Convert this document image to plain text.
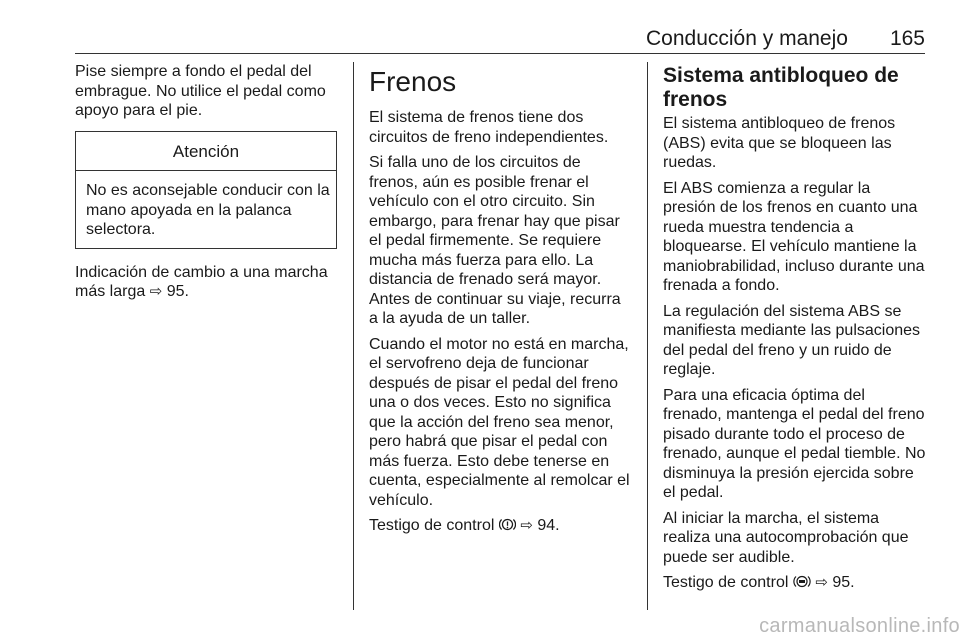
Conducción y manejo 165

Pise siempre a fondo el pedal del embrague. No utilice el pedal como apoyo para el pie.

Atención
No es aconsejable conducir con la mano apoyada en la palanca selectora.

Indicación de cambio a una marcha más larga ⇨ 95.

Frenos

El sistema de frenos tiene dos circuitos de freno independientes.

Si falla uno de los circuitos de frenos, aún es posible frenar el vehículo con el otro circuito. Sin embargo, para frenar hay que pisar el pedal firmemente. Se requiere mucha más fuerza para ello. La distancia de frenado será mayor. Antes de continuar su viaje, recurra a la ayuda de un taller.

Cuando el motor no está en marcha, el servofreno deja de funcionar después de pisar el pedal del freno una o dos veces. Esto no significa que la acción del freno sea menor, pero habrá que pisar el pedal con más fuerza. Esto debe tenerse en cuenta, especialmente al remolcar el vehículo.

Testigo de control ⇨ 94.

Sistema antibloqueo de frenos

El sistema antibloqueo de frenos (ABS) evita que se bloqueen las ruedas.

El ABS comienza a regular la presión de los frenos en cuanto una rueda muestra tendencia a bloquearse. El vehículo mantiene la maniobrabilidad, incluso durante una frenada a fondo.

La regulación del sistema ABS se manifiesta mediante las pulsaciones del pedal del freno y un ruido de reglaje.

Para una eficacia óptima del frenado, mantenga el pedal del freno pisado durante todo el proceso de frenado, aunque el pedal tiemble. No disminuya la presión ejercida sobre el pedal.

Al iniciar la marcha, el sistema realiza una autocomprobación que puede ser audible.

Testigo de control ⇨ 95.

carmanualsonline.info
